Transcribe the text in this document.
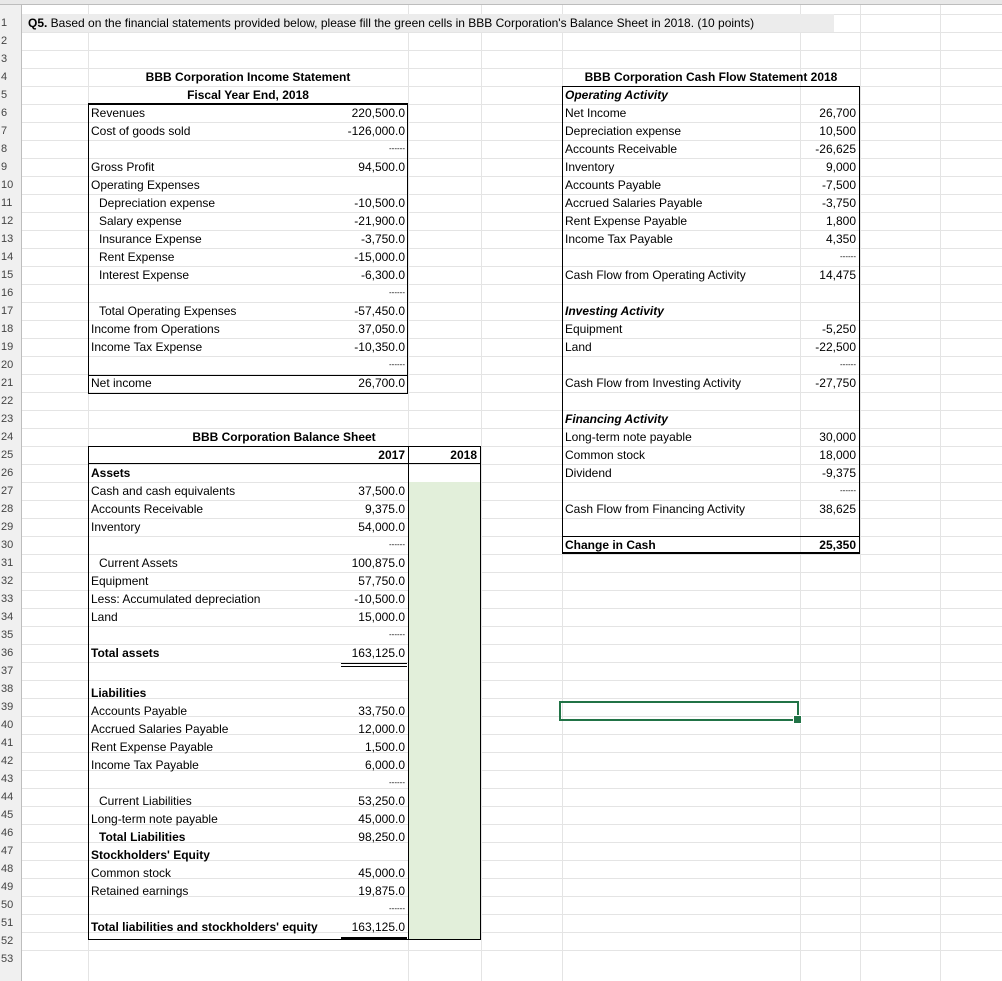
1
2
3
4
5
6
7
8
9
10
11
12
13
14
15
16
17
18
19
20
21
22
23
24
25
26
27
28
29
30
31
32
33
34
35
36
37
38
39
40
41
42
43
44
45
46
47
48
49
50
51
52
53
Q5. Based on the financial statements provided below, please fill the green cells in BBB Corporation's Balance Sheet in 2018. (10 points)
BBB Corporation Income Statement
Fiscal Year End, 2018
Revenues	220,500.0
Cost of goods sold	-126,000.0
------
Gross Profit	94,500.0
Operating Expenses
Depreciation expense	-10,500.0
Salary expense	-21,900.0
Insurance Expense	-3,750.0
Rent Expense	-15,000.0
Interest Expense	-6,300.0
------
Total Operating Expenses	-57,450.0
Income from Operations	37,050.0
Income Tax Expense	-10,350.0
------
Net income	26,700.0
BBB Corporation Balance Sheet
2017	2018
Assets
Cash and cash equivalents	37,500.0
Accounts Receivable	9,375.0
Inventory	54,000.0
------
Current Assets	100,875.0
Equipment	57,750.0
Less: Accumulated depreciation	-10,500.0
Land	15,000.0
------
Total assets	163,125.0
Liabilities
Accounts Payable	33,750.0
Accrued Salaries Payable	12,000.0
Rent Expense Payable	1,500.0
Income Tax Payable	6,000.0
------
Current Liabilities	53,250.0
Long-term note payable	45,000.0
Total Liabilities	98,250.0
Stockholders' Equity
Common stock	45,000.0
Retained earnings	19,875.0
------
Total liabilities and stockholders' equity	163,125.0
BBB Corporation Cash Flow Statement 2018
Operating Activity
Net Income	26,700
Depreciation expense	10,500
Accounts Receivable	-26,625
Inventory	9,000
Accounts Payable	-7,500
Accrued Salaries Payable	-3,750
Rent Expense Payable	1,800
Income Tax Payable	4,350
------
Cash Flow from Operating Activity	14,475
Investing Activity
Equipment	-5,250
Land	-22,500
------
Cash Flow from Investing Activity	-27,750
Financing Activity
Long-term note payable	30,000
Common stock	18,000
Dividend	-9,375
------
Cash Flow from Financing Activity	38,625
Change in Cash	25,350
